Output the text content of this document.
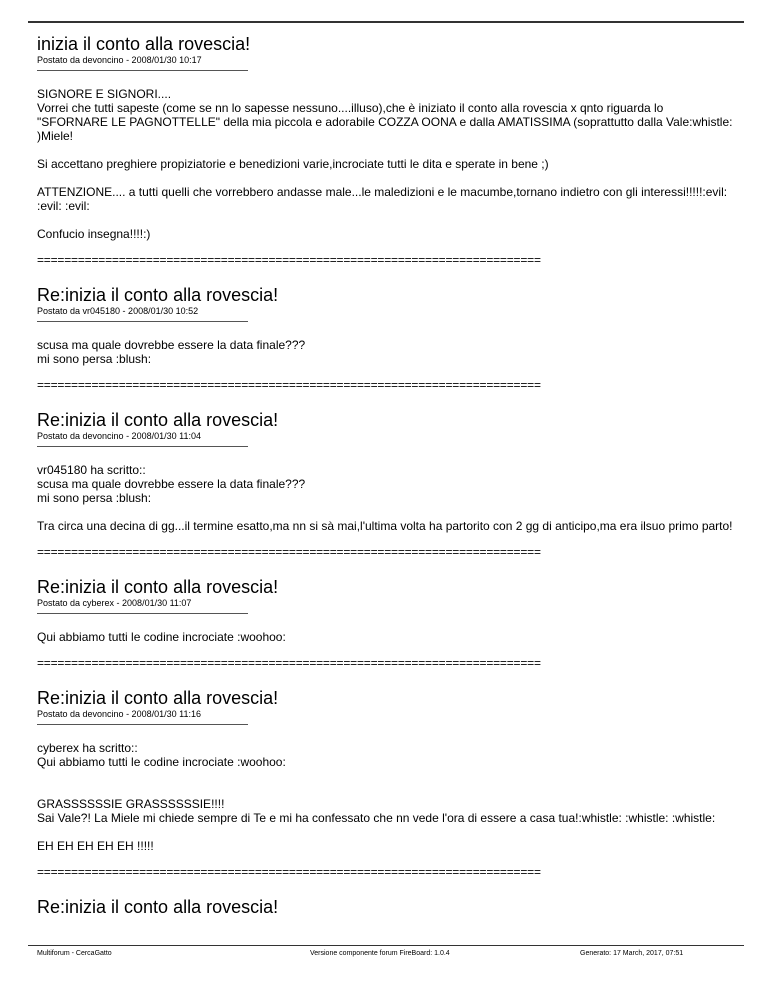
inizia il conto alla rovescia!
Postato da devoncino - 2008/01/30 10:17

SIGNORE E SIGNORI....
Vorrei che tutti sapeste (come se nn lo sapesse nessuno....illuso),che è iniziato il conto alla rovescia x qnto riguarda lo "SFORNARE LE PAGNOTTELLE" della mia piccola e adorabile COZZA OONA e dalla AMATISSIMA (soprattutto dalla Vale:whistle: )Miele!

Si accettano preghiere propiziatorie e benedizioni varie,incrociate tutti le dita e sperate in bene ;)

ATTENZIONE.... a tutti quelli che vorrebbero andasse male...le maledizioni e le macumbe,tornano indietro con gli interessi!!!!!:evil: :evil: :evil:

Confucio insegna!!!!:)

==========================================================================
Re:inizia il conto alla rovescia!
Postato da vr045180 - 2008/01/30 10:52

scusa ma quale dovrebbe essere la data finale???
mi sono persa :blush:

==========================================================================
Re:inizia il conto alla rovescia!
Postato da devoncino - 2008/01/30 11:04

vr045180 ha scritto::
scusa ma quale dovrebbe essere la data finale???
mi sono persa :blush:

Tra circa una decina di gg...il termine esatto,ma nn si sà mai,l'ultima volta ha partorito con 2 gg di anticipo,ma era ilsuo primo parto!

==========================================================================
Re:inizia il conto alla rovescia!
Postato da cyberex - 2008/01/30 11:07

Qui abbiamo tutti le codine incrociate :woohoo:

==========================================================================
Re:inizia il conto alla rovescia!
Postato da devoncino - 2008/01/30 11:16

cyberex ha scritto::
Qui abbiamo tutti le codine incrociate :woohoo:

GRASSSSSSIE GRASSSSSSIE!!!!
Sai Vale?! La Miele mi chiede sempre di Te e mi ha confessato che nn vede l'ora di essere a casa tua!:whistle: :whistle: :whistle:

EH EH EH EH EH !!!!!

==========================================================================
Re:inizia il conto alla rovescia!
Multiforum - CercaGatto	Versione componente forum FireBoard: 1.0.4	Generato: 17 March, 2017, 07:51
